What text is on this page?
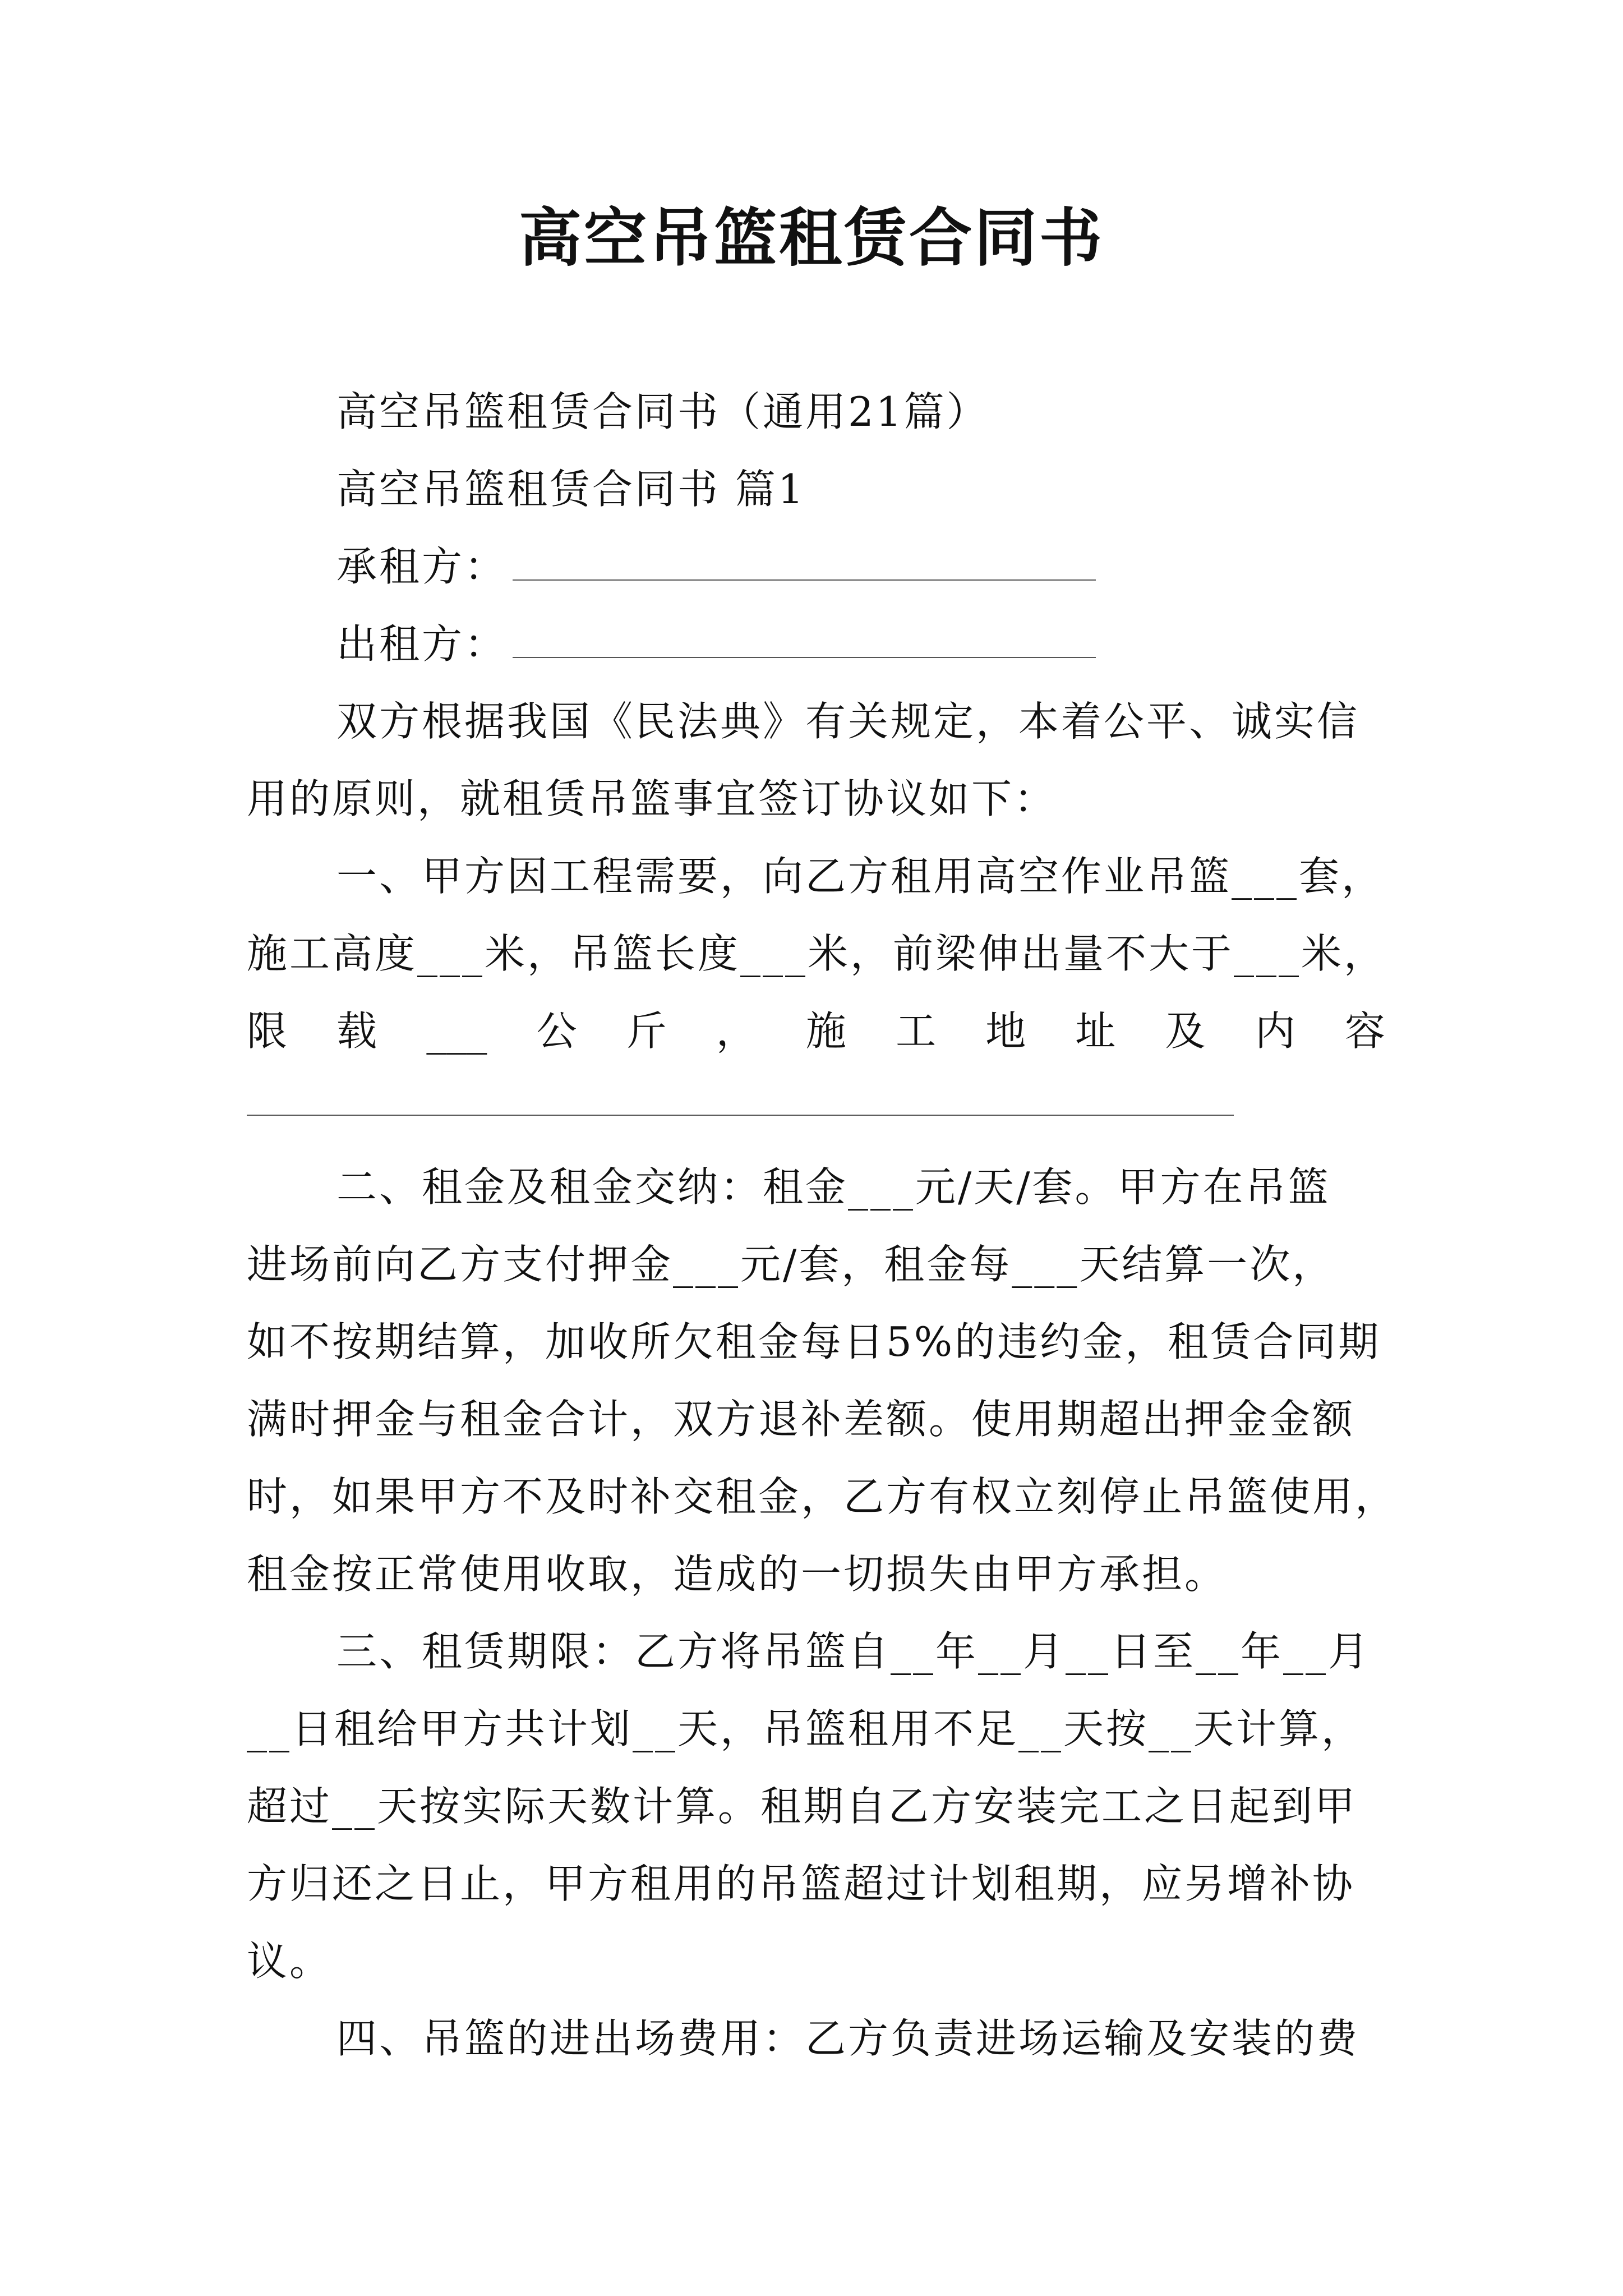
高空吊篮租赁合同书
高空吊篮租赁合同书（通用21篇）
高空吊篮租赁合同书 篇1
承租方：
出租方：
双方根据我国《民法典》有关规定，本着公平、诚实信
用的原则，就租赁吊篮事宜签订协议如下：
一、甲方因工程需要，向乙方租用高空作业吊篮___套，
施工高度___米，吊篮长度___米，前梁伸出量不大于___米，
限 载 ___ 公 斤 ， 施 工 地 址 及 内 容
二、租金及租金交纳：租金___元/天/套。甲方在吊篮
进场前向乙方支付押金___元/套，租金每___天结算一次，
如不按期结算，加收所欠租金每日5%的违约金，租赁合同期
满时押金与租金合计，双方退补差额。使用期超出押金金额
时，如果甲方不及时补交租金，乙方有权立刻停止吊篮使用，
租金按正常使用收取，造成的一切损失由甲方承担。
三、租赁期限：乙方将吊篮自__年__月__日至__年__月
__日租给甲方共计划__天，吊篮租用不足__天按__天计算，
超过__天按实际天数计算。租期自乙方安装完工之日起到甲
方归还之日止，甲方租用的吊篮超过计划租期，应另增补协
议。
四、吊篮的进出场费用：乙方负责进场运输及安装的费
